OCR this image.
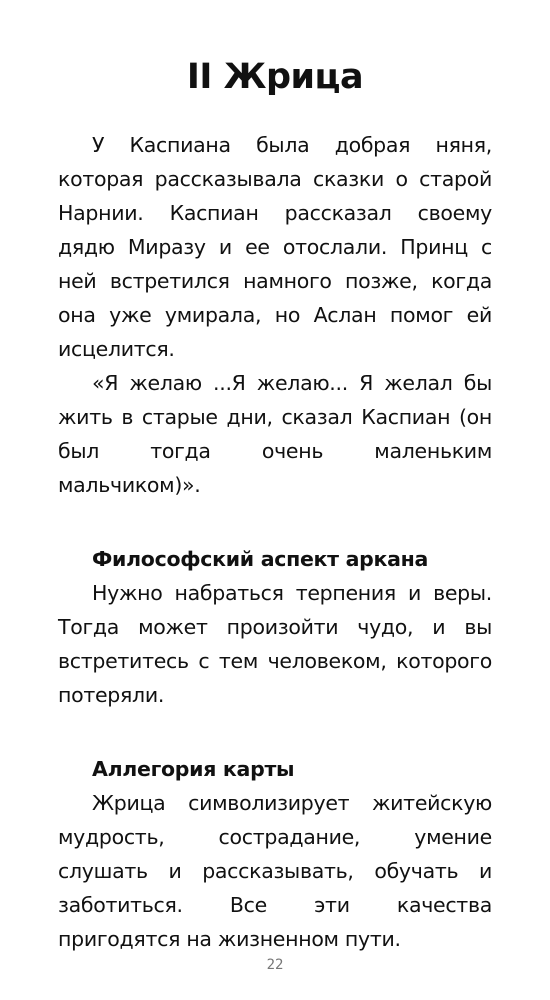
II Жрица

У Каспиана была добрая няня, которая рассказывала сказки о старой Нарнии. Каспиан рассказал своему дядю Миразу и ее отослали. Принц с ней встретился намного позже, когда она уже умирала, но Аслан помог ей исцелится.

«Я желаю ...Я желаю... Я желал бы жить в старые дни, сказал Каспиан (он был тогда очень маленьким мальчиком)».

Философский аспект аркана

Нужно набраться терпения и веры. Тогда может произойти чудо, и вы встретитесь с тем человеком, которого потеряли.

Аллегория карты

Жрица символизирует житейскую мудрость, сострадание, умение слушать и рассказывать, обучать и заботиться. Все эти качества пригодятся на жизненном пути.

22
